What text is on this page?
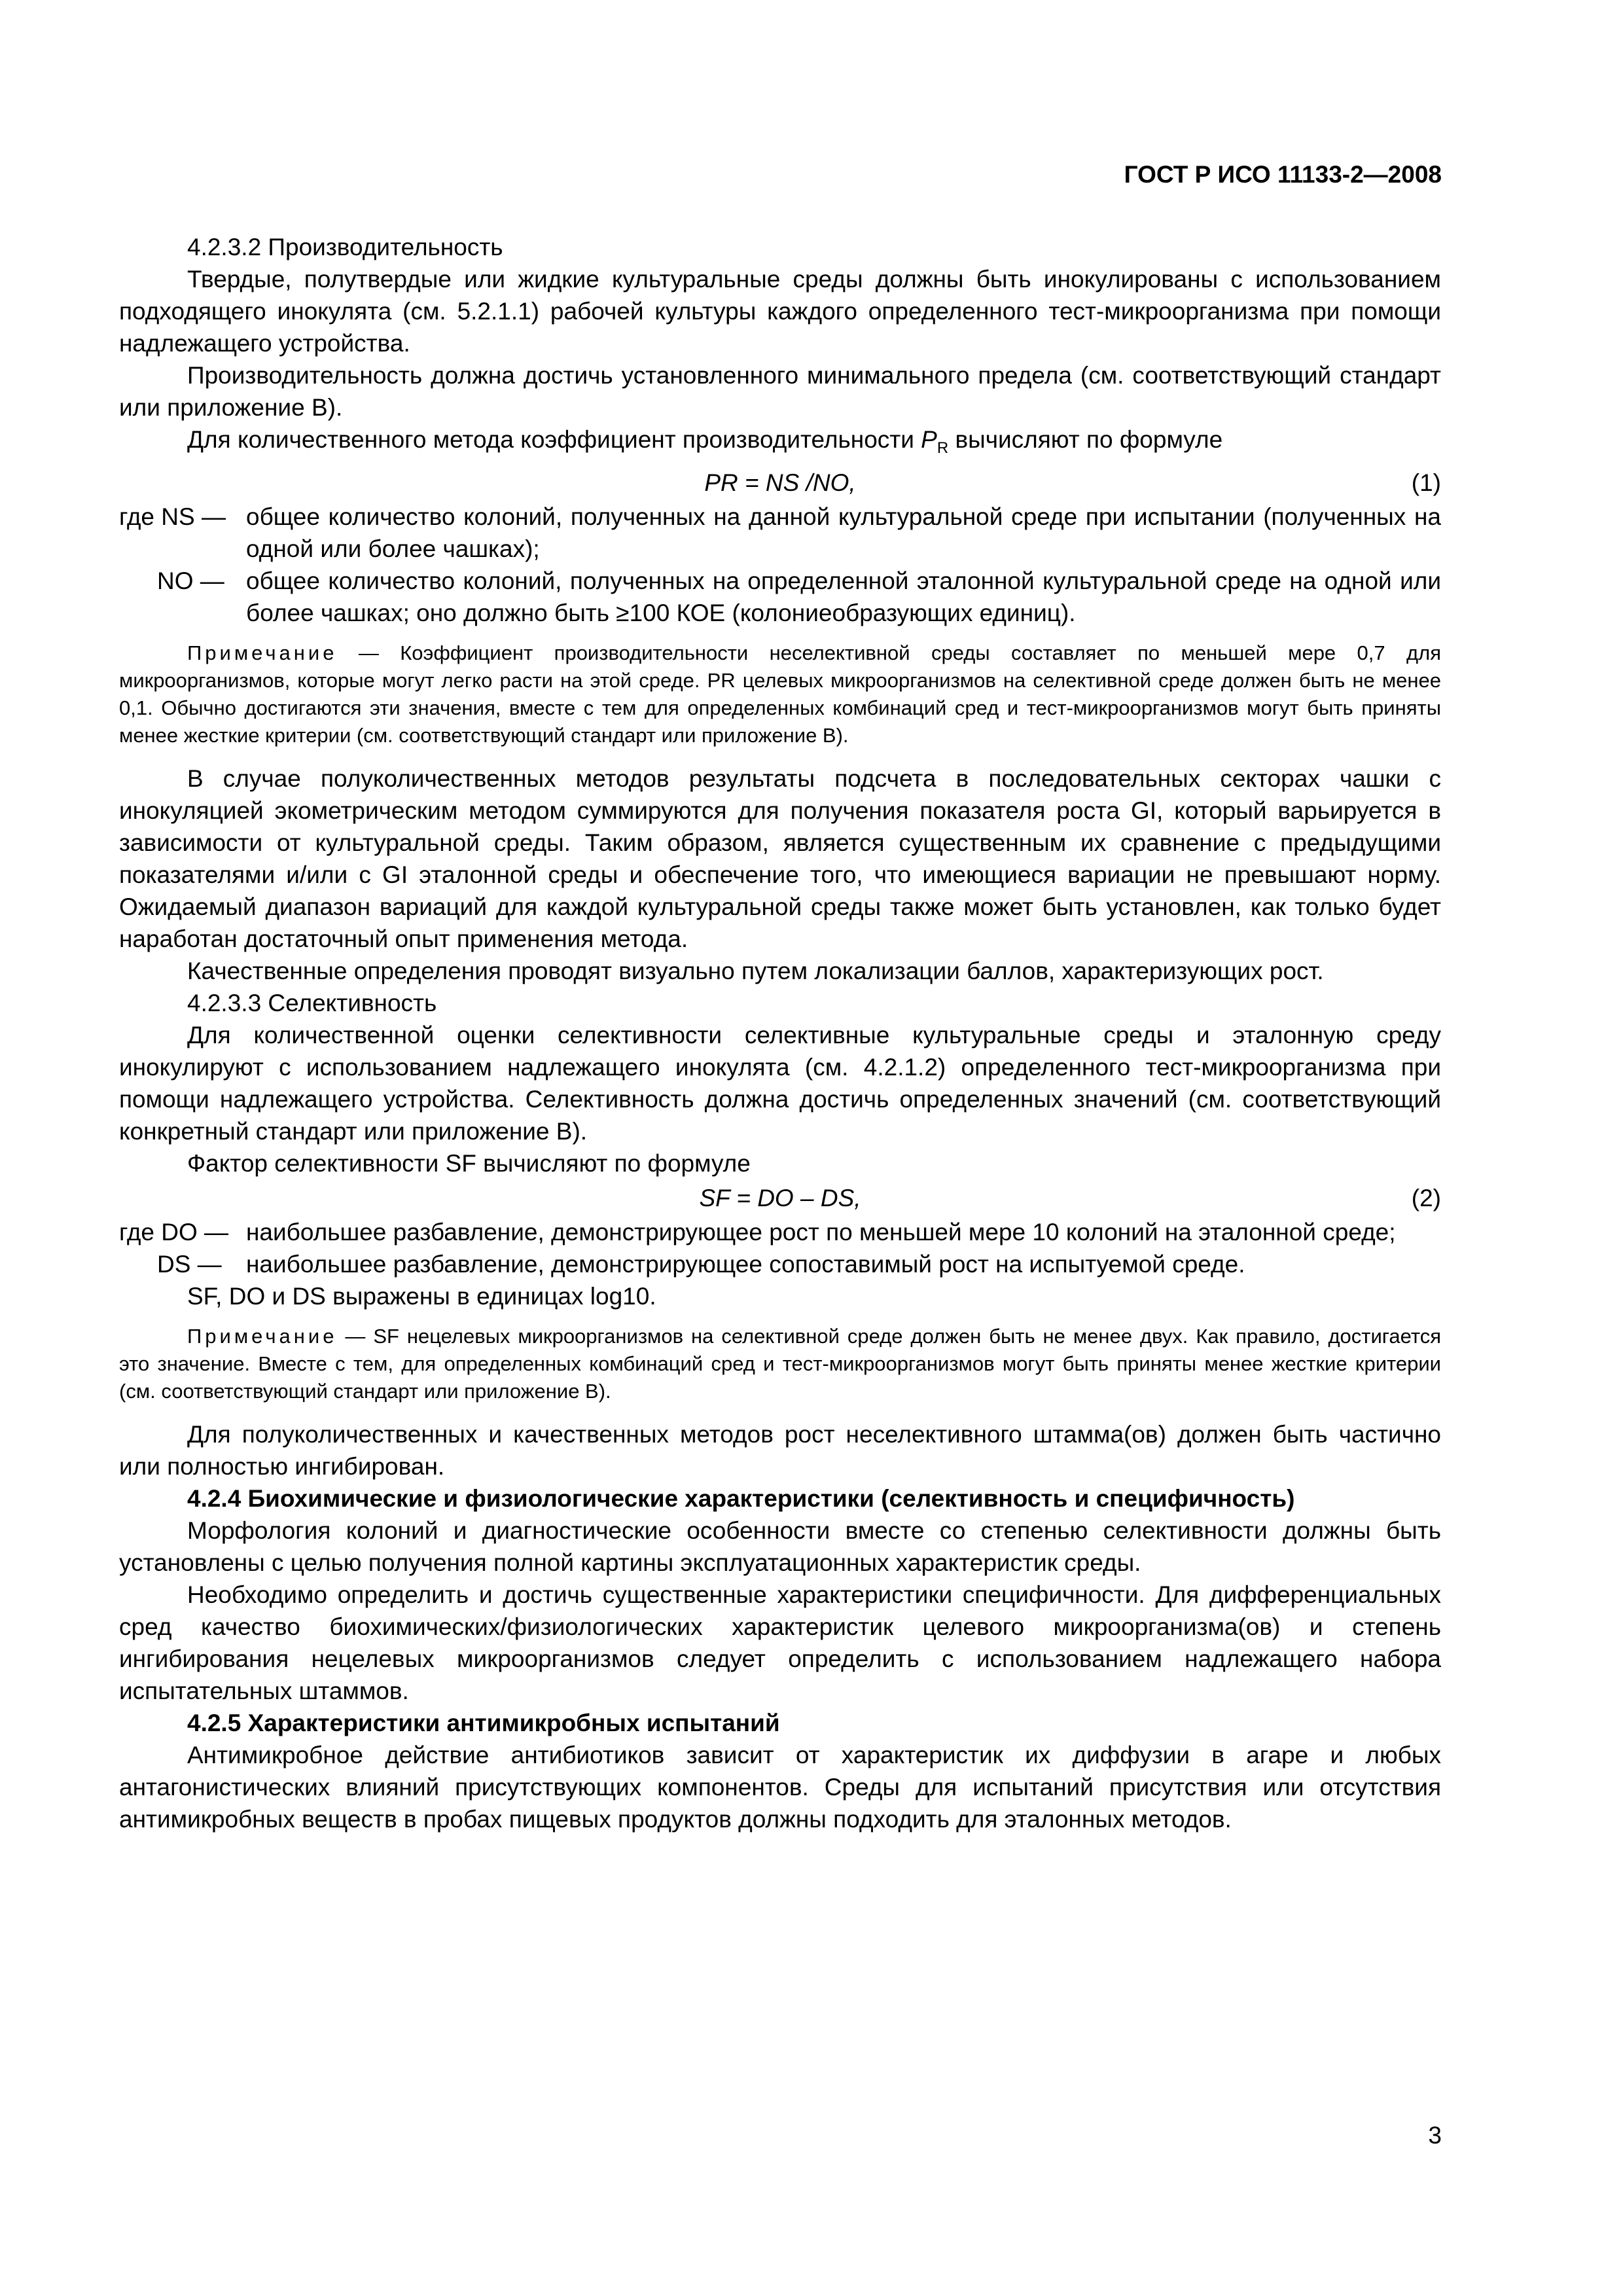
ГОСТ Р ИСО 11133-2—2008

4.2.3.2 Производительность

Твердые, полутвердые или жидкие культуральные среды должны быть инокулированы с использованием подходящего инокулята (см. 5.2.1.1) рабочей культуры каждого определенного тест-микроорганизма при помощи надлежащего устройства.

Производительность должна достичь установленного минимального предела (см. соответствующий стандарт или приложение В).

Для количественного метода коэффициент производительности $P_R$ вычисляют по формуле

PR = NS /NO,	(1)
где NS — общее количество колоний, полученных на данной культуральной среде при испытании (полученных на одной или более чашках);
NO — общее количество колоний, полученных на определенной эталонной культуральной среде на одной или более чашках; оно должно быть ≥100 КОЕ (колониеобразующих единиц).

Примечание — Коэффициент производительности неселективной среды составляет по меньшей мере 0,7 для микроорганизмов, которые могут легко расти на этой среде. PR целевых микроорганизмов на селективной среде должен быть не менее 0,1. Обычно достигаются эти значения, вместе с тем для определенных комбинаций сред и тест-микроорганизмов могут быть приняты менее жесткие критерии (см. соответствующий стандарт или приложение В).

В случае полуколичественных методов результаты подсчета в последовательных секторах чашки с инокуляцией экометрическим методом суммируются для получения показателя роста GI, который варьируется в зависимости от культуральной среды. Таким образом, является существенным их сравнение с предыдущими показателями и/или с GI эталонной среды и обеспечение того, что имеющиеся вариации не превышают норму. Ожидаемый диапазон вариаций для каждой культуральной среды также может быть установлен, как только будет наработан достаточный опыт применения метода.

Качественные определения проводят визуально путем локализации баллов, характеризующих рост.

4.2.3.3 Селективность

Для количественной оценки селективности селективные культуральные среды и эталонную среду инокулируют с использованием надлежащего инокулята (см. 4.2.1.2) определенного тест-микроорганизма при помощи надлежащего устройства. Селективность должна достичь определенных значений (см. соответствующий конкретный стандарт или приложение В).

Фактор селективности SF вычисляют по формуле

SF = DO – DS,	(2)
где DO — наибольшее разбавление, демонстрирующее рост по меньшей мере 10 колоний на эталонной среде;
DS — наибольшее разбавление, демонстрирующее сопоставимый рост на испытуемой среде.

SF, DO и DS выражены в единицах log10.

Примечание — SF нецелевых микроорганизмов на селективной среде должен быть не менее двух. Как правило, достигается это значение. Вместе с тем, для определенных комбинаций сред и тест-микроорганизмов могут быть приняты менее жесткие критерии (см. соответствующий стандарт или приложение В).

Для полуколичественных и качественных методов рост неселективного штамма(ов) должен быть частично или полностью ингибирован.

4.2.4 Биохимические и физиологические характеристики (селективность и специфичность)

Морфология колоний и диагностические особенности вместе со степенью селективности должны быть установлены с целью получения полной картины эксплуатационных характеристик среды.

Необходимо определить и достичь существенные характеристики специфичности. Для дифференциальных сред качество биохимических/физиологических характеристик целевого микроорганизма(ов) и степень ингибирования нецелевых микроорганизмов следует определить с использованием надлежащего набора испытательных штаммов.

4.2.5 Характеристики антимикробных испытаний

Антимикробное действие антибиотиков зависит от характеристик их диффузии в агаре и любых антагонистических влияний присутствующих компонентов. Среды для испытаний присутствия или отсутствия антимикробных веществ в пробах пищевых продуктов должны подходить для эталонных методов.

3
